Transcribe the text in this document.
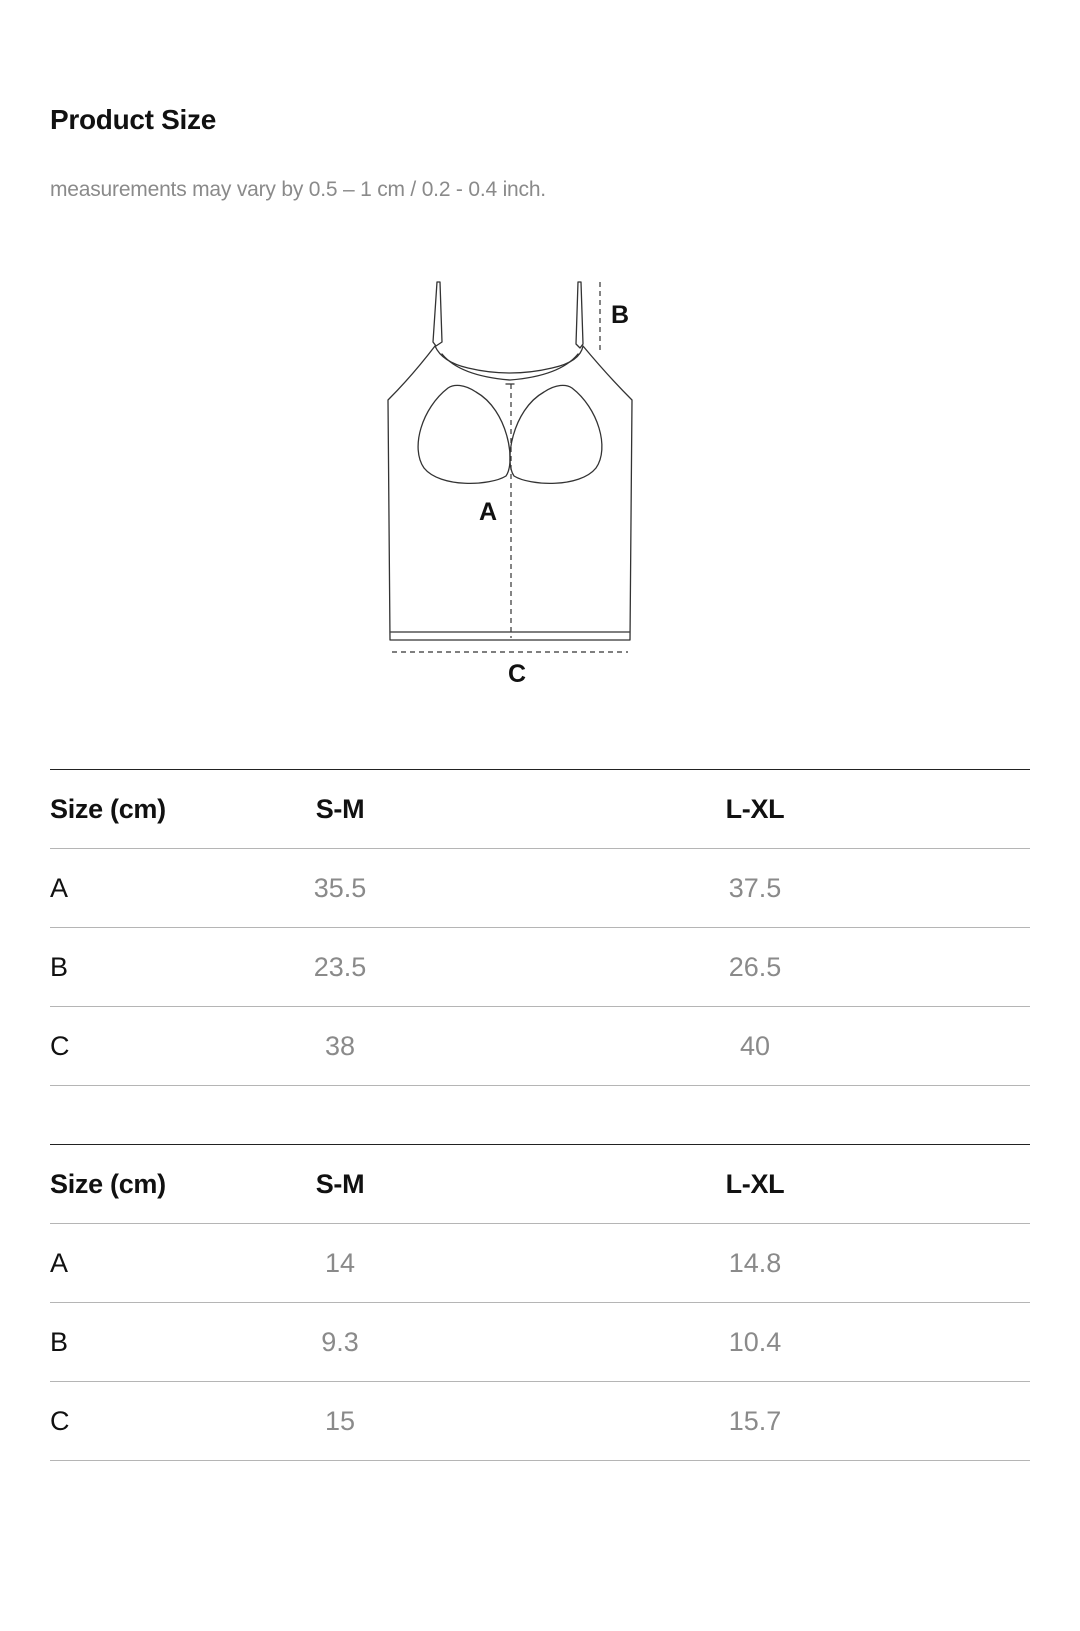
Product Size
measurements may vary by 0.5 – 1 cm / 0.2 - 0.4 inch.
A
B
C
Size (cm)	S-M	L-XL
A	35.5	37.5
B	23.5	26.5
C	38	40
Size (cm)	S-M	L-XL
A	14	14.8
B	9.3	10.4
C	15	15.7
